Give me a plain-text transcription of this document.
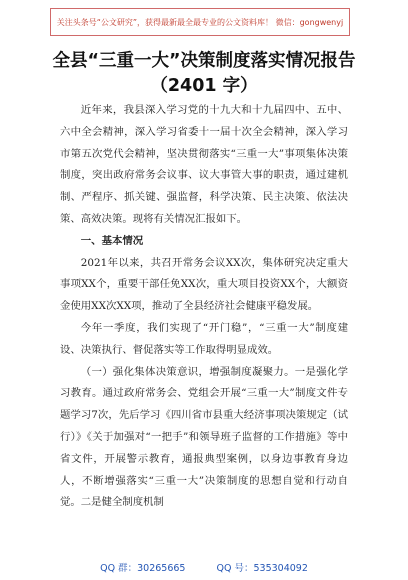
关注头条号“公文研究”，获得最新最全最专业的公文资料库！ 微信：gongwenyj
全县“三重一大”决策制度落实情况报告
（2401 字）

近年来，我县深入学习党的十九大和十九届四中、五中、六中全会精神，深入学习省委十一届十次全会精神，深入学习市第五次党代会精神，坚决贯彻落实“三重一大”事项集体决策制度，突出政府常务会议事、议大事管大事的职责，通过建机制、严程序、抓关键、强监督，科学决策、民主决策、依法决策、高效决策。现将有关情况汇报如下。

一、基本情况

2021年以来，共召开常务会议XX次，集体研究决定重大事项XX个，重要干部任免XX次，重大项目投资XX个，大额资金使用XX次XX项，推动了全县经济社会健康平稳发展。

今年一季度，我们实现了“开门稳”，“三重一大”制度建设、决策执行、督促落实等工作取得明显成效。

（一）强化集体决策意识，增强制度凝聚力。一是强化学习教育。通过政府常务会、党组会开展“三重一大”制度文件专题学习7次，先后学习《四川省市县重大经济事项决策规定（试行）》《关于加强对“一把手”和领导班子监督的工作措施》等中省文件，开展警示教育，通报典型案例，以身边事教育身边人，不断增强落实“三重一大”决策制度的思想自觉和行动自觉。二是健全制度机制

QQ 群：30265665	QQ 号：535304092
